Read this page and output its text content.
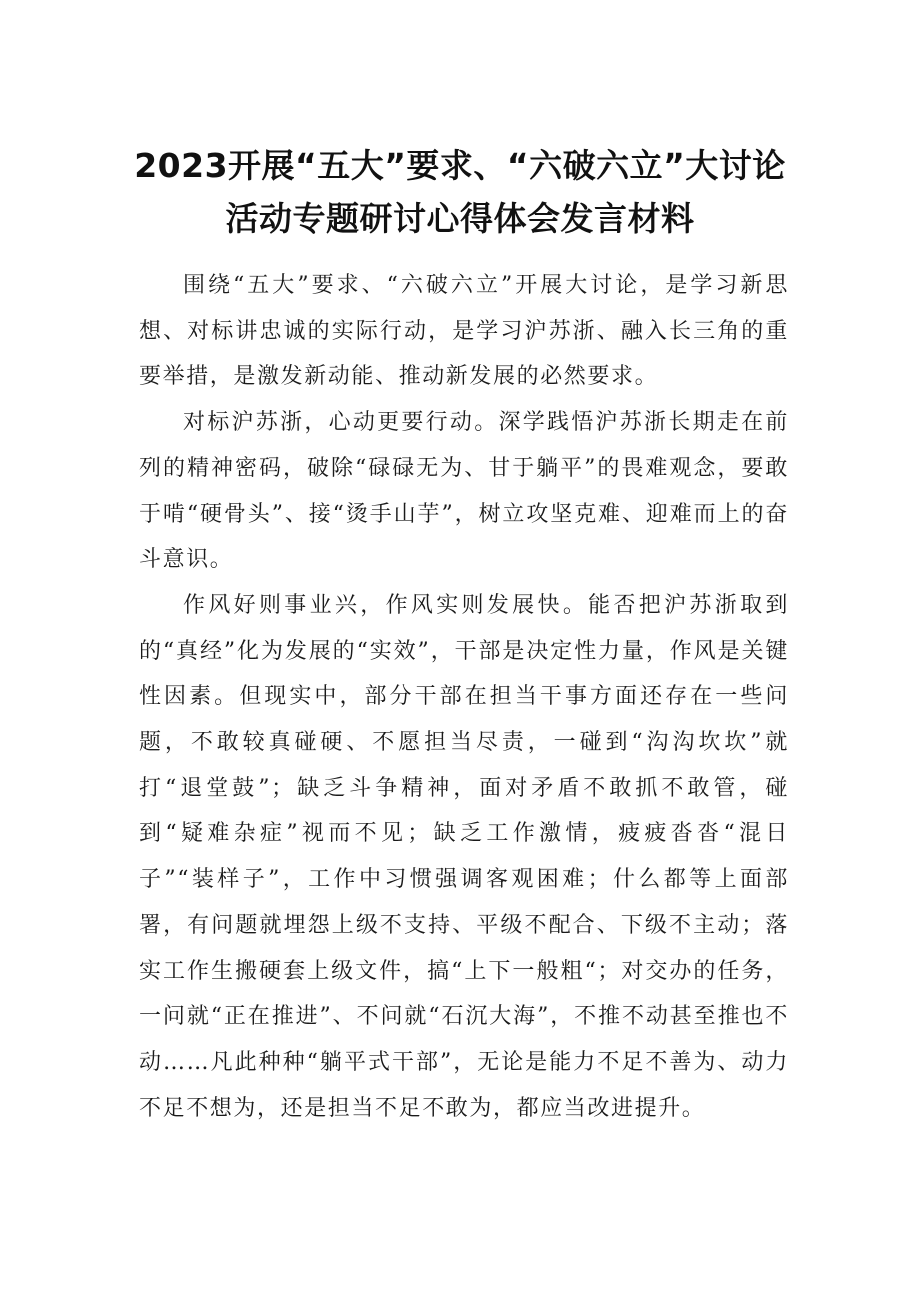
2023开展“五大”要求、“六破六立”大讨论
活动专题研讨心得体会发言材料

围绕“五大”要求、“六破六立”开展大讨论，是学习新思想、对标讲忠诚的实际行动，是学习沪苏浙、融入长三角的重要举措，是激发新动能、推动新发展的必然要求。

对标沪苏浙，心动更要行动。深学践悟沪苏浙长期走在前列的精神密码，破除“碌碌无为、甘于躺平”的畏难观念，要敢于啃“硬骨头”、接“烫手山芋”，树立攻坚克难、迎难而上的奋斗意识。

作风好则事业兴，作风实则发展快。能否把沪苏浙取到的“真经”化为发展的“实效”，干部是决定性力量，作风是关键性因素。但现实中，部分干部在担当干事方面还存在一些问题，不敢较真碰硬、不愿担当尽责，一碰到“沟沟坎坎”就打“退堂鼓”；缺乏斗争精神，面对矛盾不敢抓不敢管，碰到“疑难杂症”视而不见；缺乏工作激情，疲疲沓沓“混日子”“装样子”，工作中习惯强调客观困难；什么都等上面部署，有问题就埋怨上级不支持、平级不配合、下级不主动；落实工作生搬硬套上级文件，搞“上下一般粗“；对交办的任务，一问就“正在推进”、不问就“石沉大海”，不推不动甚至推也不动……凡此种种“躺平式干部”，无论是能力不足不善为、动力不足不想为，还是担当不足不敢为，都应当改进提升。
